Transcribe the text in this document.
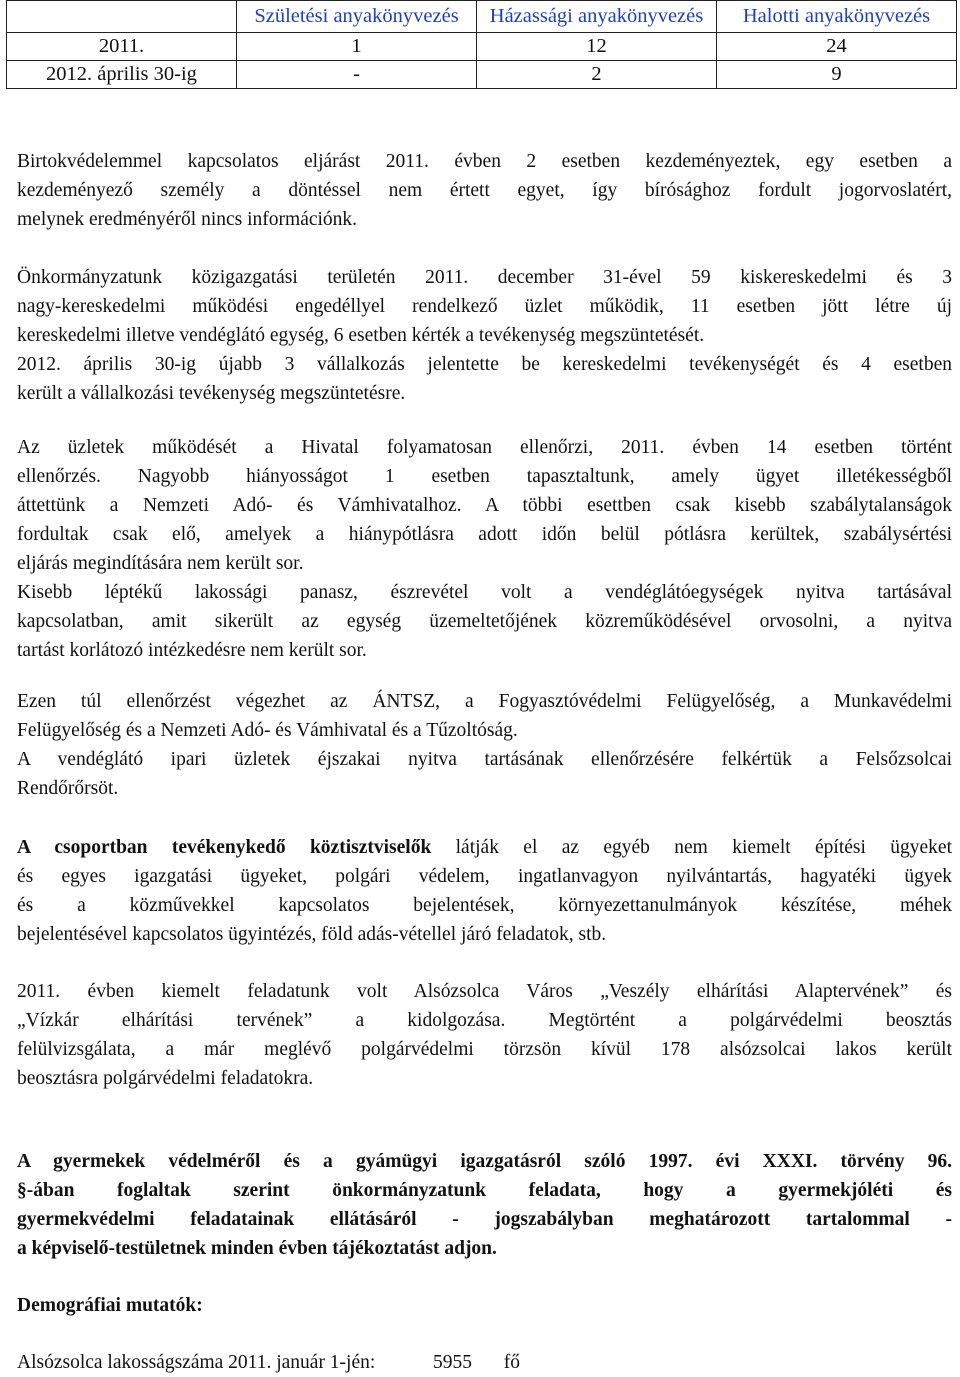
	Születési anyakönyvezés	Házassági anyakönyvezés	Halotti anyakönyvezés
2011.	1	12	24
2012. április 30-ig	-	2	9
Birtokvédelemmel kapcsolatos eljárást 2011. évben 2 esetben kezdeményeztek, egy esetben a
kezdeményező személy a döntéssel nem értett egyet, így bírósághoz fordult jogorvoslatért,
melynek eredményéről nincs információnk.
Önkormányzatunk közigazgatási területén 2011. december 31-ével 59 kiskereskedelmi és 3
nagy-kereskedelmi működési engedéllyel rendelkező üzlet működik, 11 esetben jött létre új
kereskedelmi illetve vendéglátó egység, 6 esetben kérték a tevékenység megszüntetését.
2012. április 30-ig újabb 3 vállalkozás jelentette be kereskedelmi tevékenységét és 4 esetben
került a vállalkozási tevékenység megszüntetésre.
Az üzletek működését a Hivatal folyamatosan ellenőrzi, 2011. évben 14 esetben történt
ellenőrzés. Nagyobb hiányosságot 1 esetben tapasztaltunk, amely ügyet illetékességből
áttettünk a Nemzeti Adó- és Vámhivatalhoz. A többi esettben csak kisebb szabálytalanságok
fordultak csak elő, amelyek a hiánypótlásra adott időn belül pótlásra kerültek, szabálysértési
eljárás megindítására nem került sor.
Kisebb léptékű lakossági panasz, észrevétel volt a vendéglátóegységek nyitva tartásával
kapcsolatban, amit sikerült az egység üzemeltetőjének közreműködésével orvosolni, a nyitva
tartást korlátozó intézkedésre nem került sor.
Ezen túl ellenőrzést végezhet az ÁNTSZ, a Fogyasztóvédelmi Felügyelőség, a Munkavédelmi
Felügyelőség és a Nemzeti Adó- és Vámhivatal és a Tűzoltóság.
A vendéglátó ipari üzletek éjszakai nyitva tartásának ellenőrzésére felkértük a Felsőzsolcai
Rendőrőrsöt.
A csoportban tevékenykedő köztisztviselők látják el az egyéb nem kiemelt építési ügyeket
és egyes igazgatási ügyeket, polgári védelem, ingatlanvagyon nyilvántartás, hagyatéki ügyek
és a közművekkel kapcsolatos bejelentések, környezettanulmányok készítése, méhek
bejelentésével kapcsolatos ügyintézés, föld adás-vétellel járó feladatok, stb.
2011. évben kiemelt feladatunk volt Alsózsolca Város „Veszély elhárítási Alaptervének” és
„Vízkár elhárítási tervének” a kidolgozása. Megtörtént a polgárvédelmi beosztás
felülvizsgálata, a már meglévő polgárvédelmi törzsön kívül 178 alsózsolcai lakos került
beosztásra polgárvédelmi feladatokra.
A gyermekek védelméről és a gyámügyi igazgatásról szóló 1997. évi XXXI. törvény 96.
§-ában foglaltak szerint önkormányzatunk feladata, hogy a gyermekjóléti és
gyermekvédelmi feladatainak ellátásáról - jogszabályban meghatározott tartalommal -
a képviselő-testületnek minden évben tájékoztatást adjon.
Demográfiai mutatók:
Alsózsolca lakosságszáma 2011. január 1-jén:	5955 fő
